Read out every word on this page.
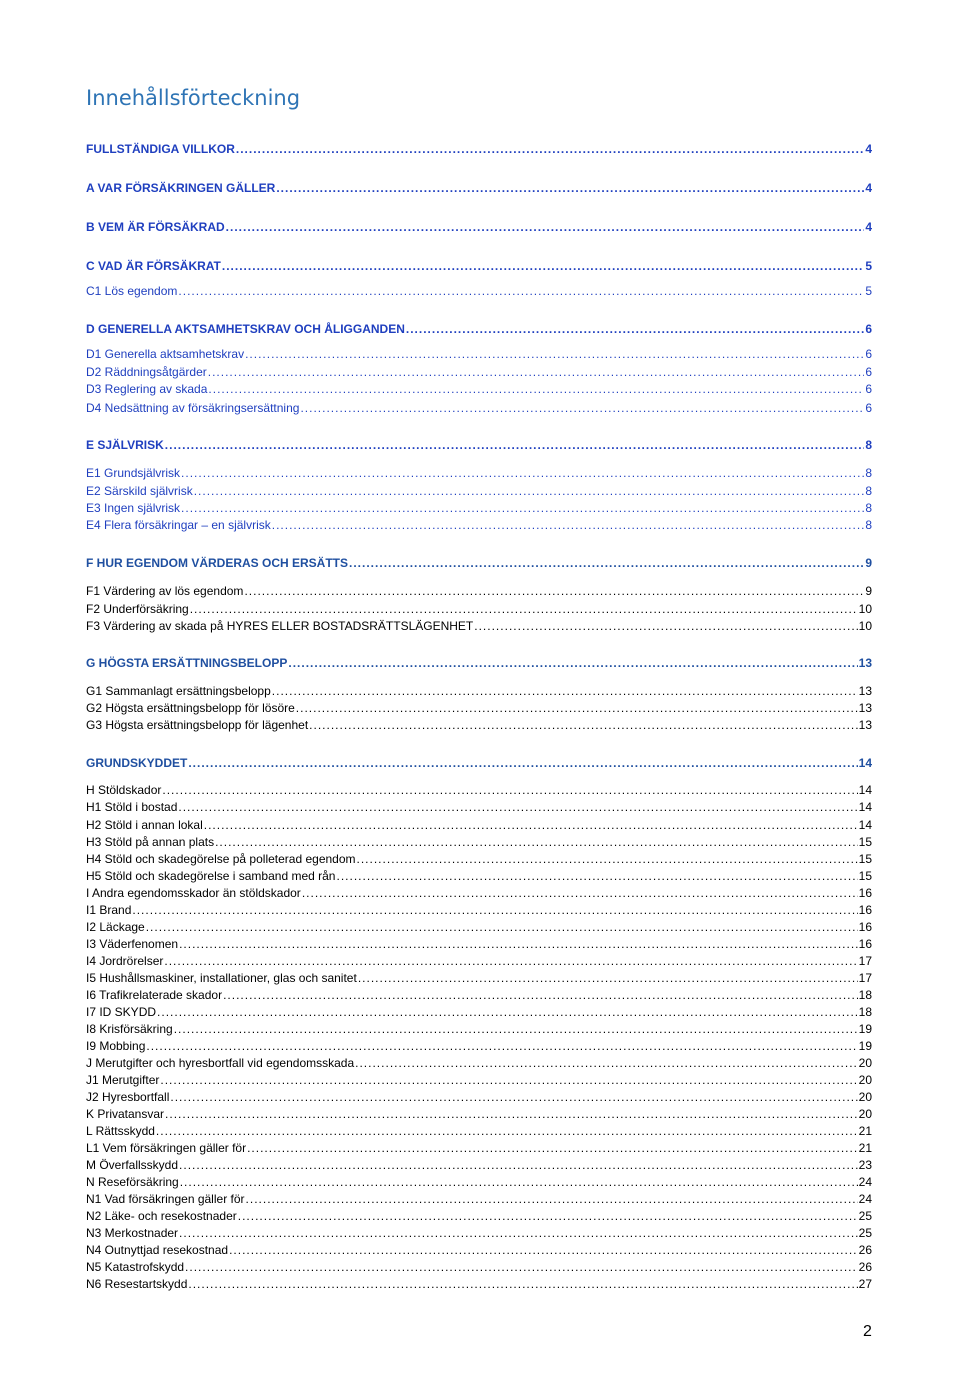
Innehållsförteckning
FULLSTÄNDIGA VILLKOR .....	4
A VAR FÖRSÄKRINGEN GÄLLER .....	4
B VEM ÄR FÖRSÄKRAD .....	4
C VAD ÄR FÖRSÄKRAT .....	5
C1 Lös egendom .....	5
D GENERELLA AKTSAMHETSKRAV OCH ÅLIGGANDEN .....	6
D1 Generella aktsamhetskrav .....	6
D2 Räddningsåtgärder .....	6
D3 Reglering av skada .....	6
D4 Nedsättning av försäkringsersättning .....	6
E SJÄLVRISK .....	8
E1 Grundsjälvrisk .....	8
E2 Särskild självrisk .....	8
E3 Ingen självrisk .....	8
E4 Flera försäkringar – en självrisk .....	8
F HUR EGENDOM VÄRDERAS OCH ERSÄTTS .....	9
F1 Värdering av lös egendom .....	9
F2 Underförsäkring .....	10
F3 Värdering av skada på HYRES ELLER BOSTADSRÄTTSLÄGENHET .....	10
G HÖGSTA ERSÄTTNINGSBELOPP .....	13
G1 Sammanlagt ersättningsbelopp .....	13
G2 Högsta ersättningsbelopp för lösöre .....	13
G3 Högsta ersättningsbelopp för lägenhet .....	13
GRUNDSKYDDET .....	14
H Stöldskador .....	14
H1 Stöld i bostad .....	14
H2 Stöld i annan lokal .....	14
H3 Stöld på annan plats .....	15
H4 Stöld och skadegörelse på polleterad egendom .....	15
H5 Stöld och skadegörelse i samband med rån .....	15
I Andra egendomsskador än stöldskador .....	16
I1 Brand .....	16
I2 Läckage .....	16
I3 Väderfenomen .....	16
I4 Jordrörelser .....	17
I5 Hushållsmaskiner, installationer, glas och sanitet .....	17
I6 Trafikrelaterade skador .....	18
I7 ID SKYDD .....	18
I8 Krisförsäkring .....	19
I9 Mobbing .....	19
J Merutgifter och hyresbortfall vid egendomsskada .....	20
J1 Merutgifter .....	20
J2 Hyresbortfall .....	20
K Privatansvar .....	20
L Rättsskydd .....	21
L1 Vem försäkringen gäller för .....	21
M Överfallsskydd .....	23
N Reseförsäkring .....	24
N1 Vad försäkringen gäller för .....	24
N2 Läke- och resekostnader .....	25
N3 Merkostnader .....	25
N4 Outnyttjad resekostnad .....	26
N5 Katastrofskydd .....	26
N6 Resestartskydd .....	27
2
